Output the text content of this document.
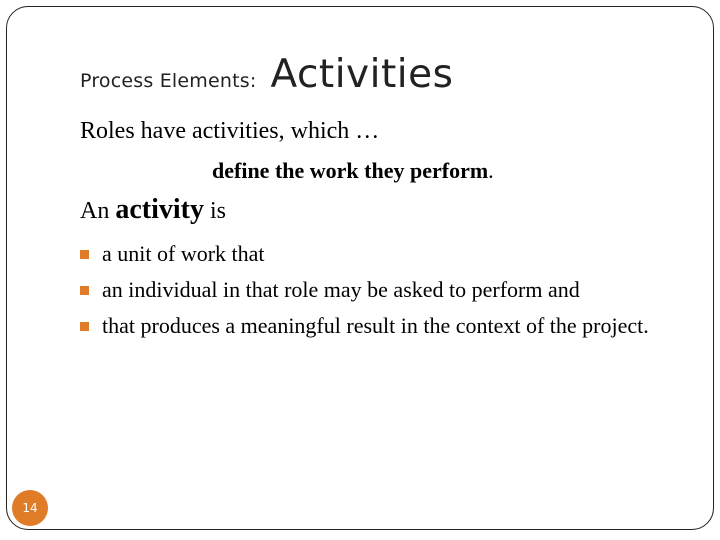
Process Elements: Activities
Roles have activities, which …
define the work they perform.
An activity is
a unit of work that
an individual in that role may be asked to perform and
that produces a meaningful result in the context of the project.
14
